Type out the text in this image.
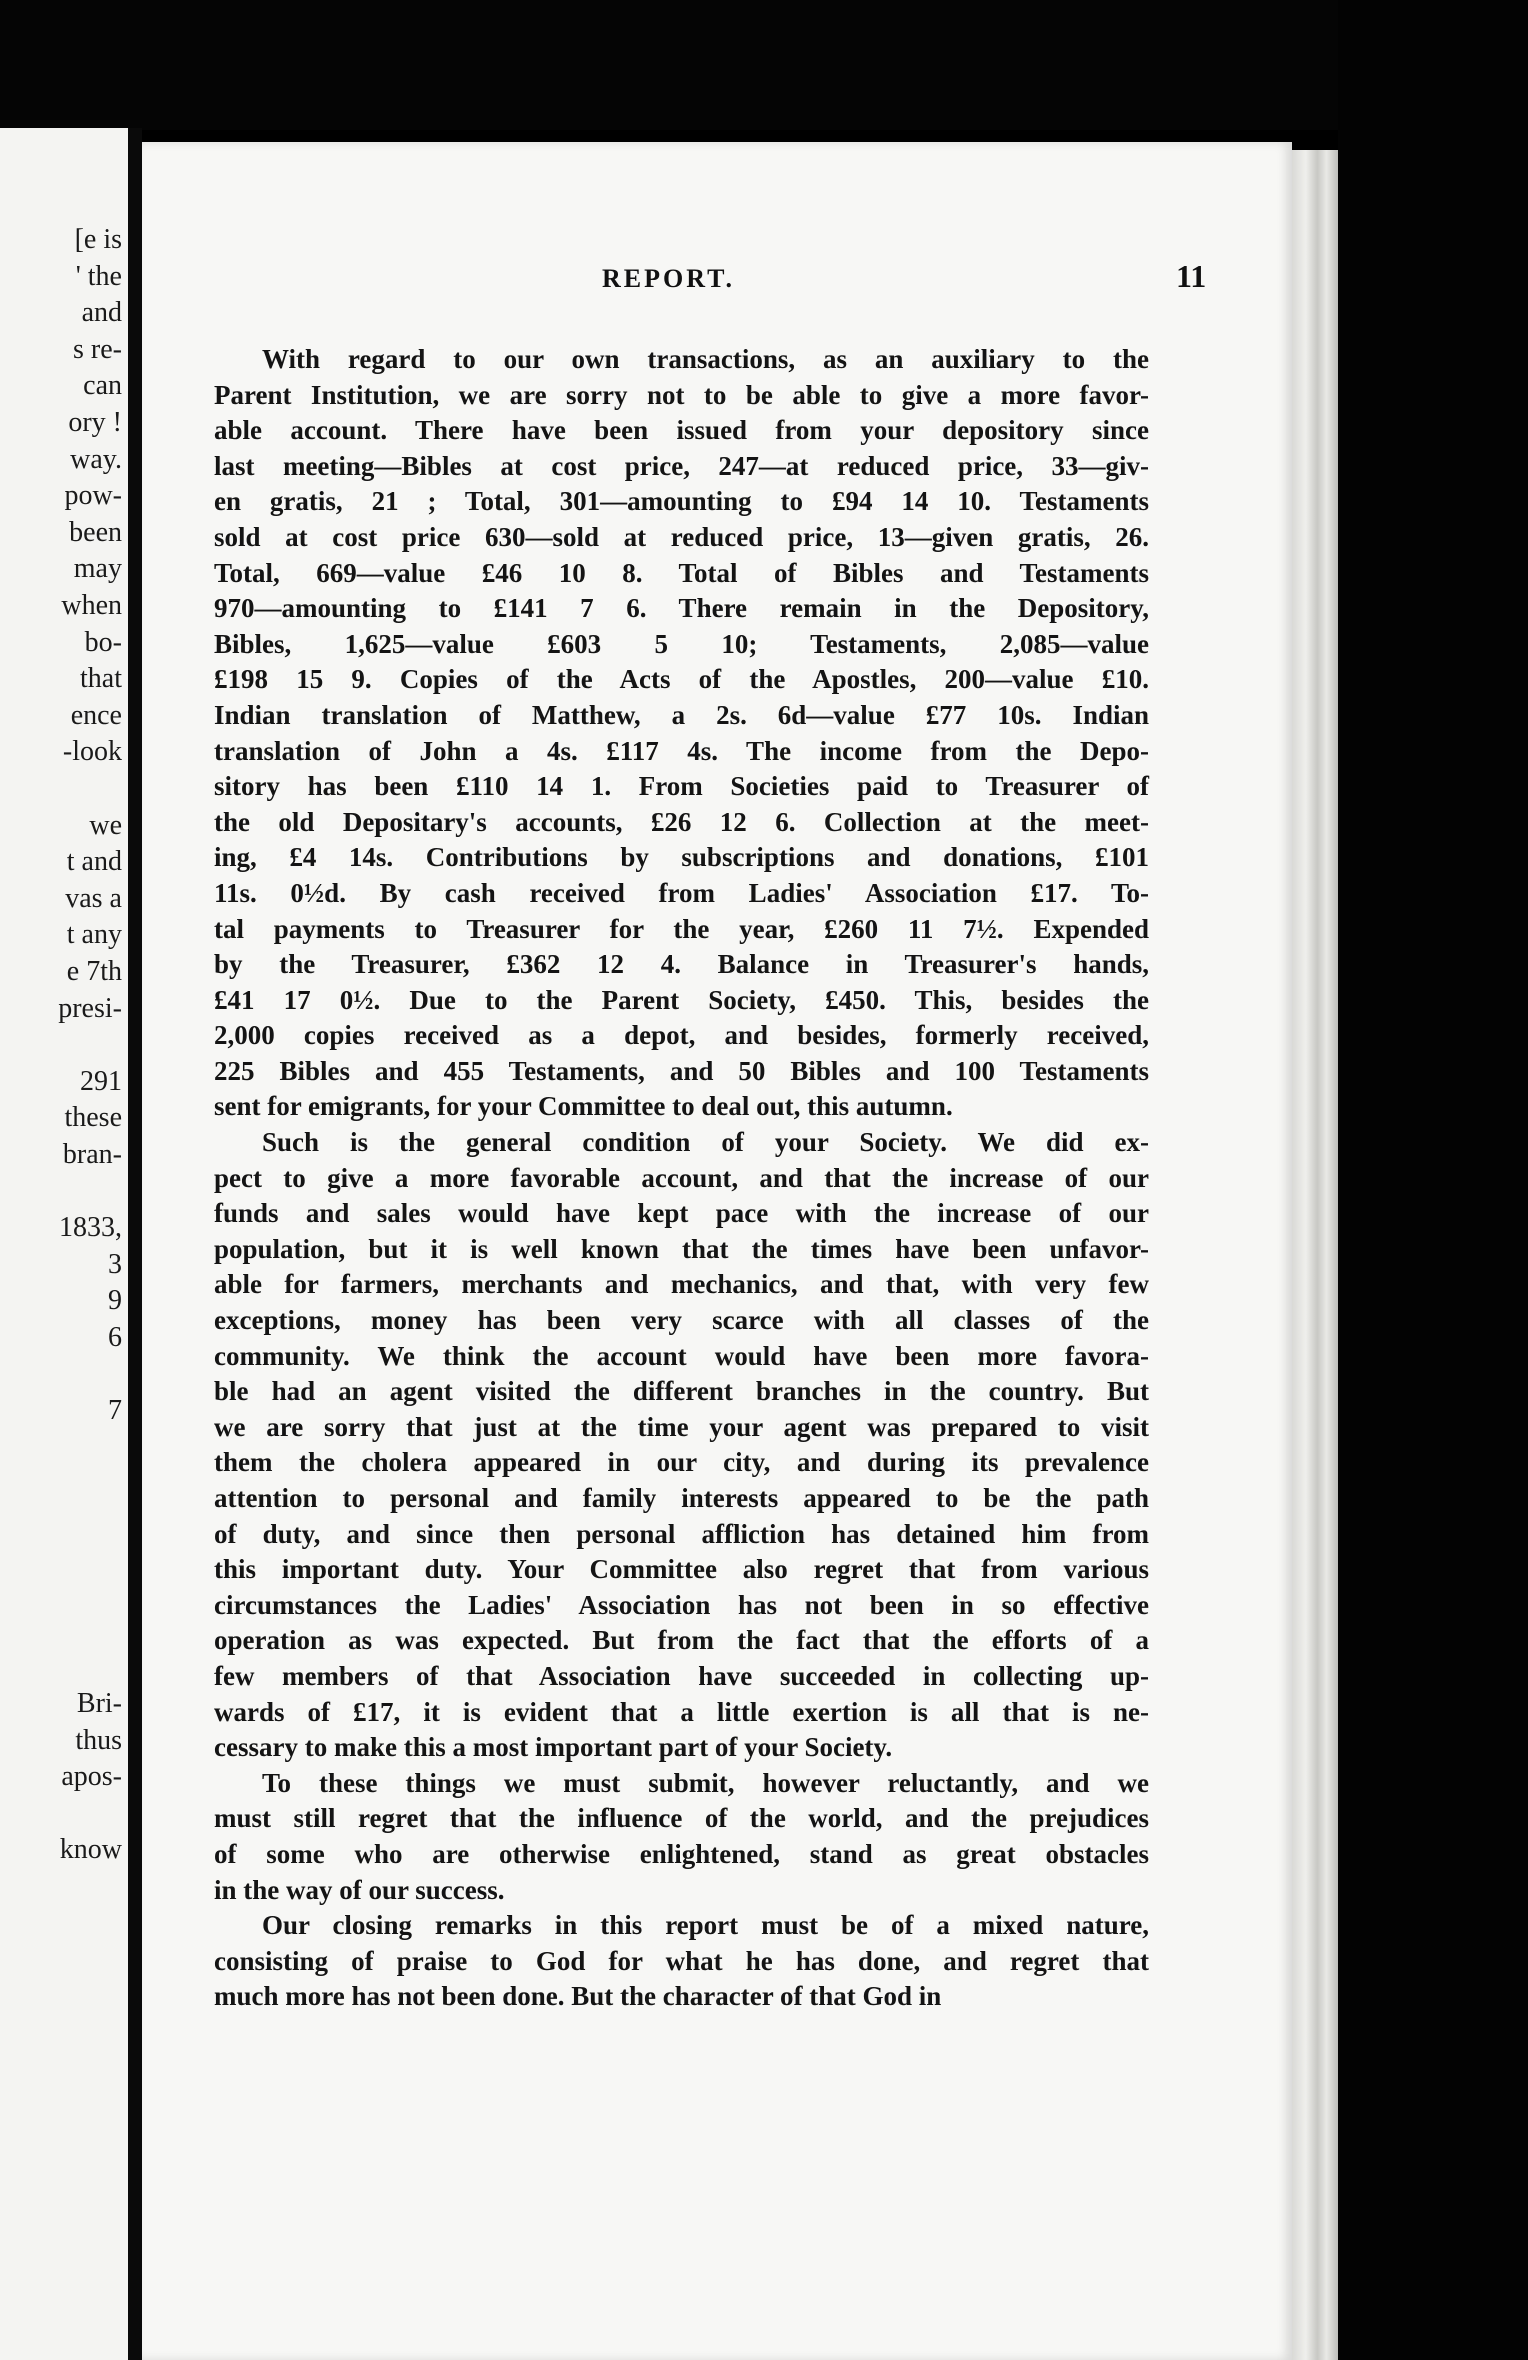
[e is
' the
and
s re-
can
ory !
way.
pow-
been
may
when
bo-
that
ence
-look
we
t and
vas a
t any
e 7th
presi-
291
these
bran-
1833,
3
9
6
7
Bri-
thus
apos-
know
REPORT.	11
With regard to our own transactions, as an auxiliary to the
Parent Institution, we are sorry not to be able to give a more favor-
able account. There have been issued from your depository since
last meeting—Bibles at cost price, 247—at reduced price, 33—giv-
en gratis, 21 ; Total, 301—amounting to £94 14 10. Testaments
sold at cost price 630—sold at reduced price, 13—given gratis, 26.
Total, 669—value £46 10 8. Total of Bibles and Testaments
970—amounting to £141 7 6. There remain in the Depository,
Bibles, 1,625—value £603 5 10; Testaments, 2,085—value
£198 15 9. Copies of the Acts of the Apostles, 200—value £10.
Indian translation of Matthew, a 2s. 6d—value £77 10s. Indian
translation of John a 4s. £117 4s. The income from the Depo-
sitory has been £110 14 1. From Societies paid to Treasurer of
the old Depositary's accounts, £26 12 6. Collection at the meet-
ing, £4 14s. Contributions by subscriptions and donations, £101
11s. 0½d. By cash received from Ladies' Association £17. To-
tal payments to Treasurer for the year, £260 11 7½. Expended
by the Treasurer, £362 12 4. Balance in Treasurer's hands,
£41 17 0½. Due to the Parent Society, £450. This, besides the
2,000 copies received as a depot, and besides, formerly received,
225 Bibles and 455 Testaments, and 50 Bibles and 100 Testaments
sent for emigrants, for your Committee to deal out, this autumn.
Such is the general condition of your Society. We did ex-
pect to give a more favorable account, and that the increase of our
funds and sales would have kept pace with the increase of our
population, but it is well known that the times have been unfavor-
able for farmers, merchants and mechanics, and that, with very few
exceptions, money has been very scarce with all classes of the
community. We think the account would have been more favora-
ble had an agent visited the different branches in the country. But
we are sorry that just at the time your agent was prepared to visit
them the cholera appeared in our city, and during its prevalence
attention to personal and family interests appeared to be the path
of duty, and since then personal affliction has detained him from
this important duty. Your Committee also regret that from various
circumstances the Ladies' Association has not been in so effective
operation as was expected. But from the fact that the efforts of a
few members of that Association have succeeded in collecting up-
wards of £17, it is evident that a little exertion is all that is ne-
cessary to make this a most important part of your Society.
To these things we must submit, however reluctantly, and we
must still regret that the influence of the world, and the prejudices
of some who are otherwise enlightened, stand as great obstacles
in the way of our success.
Our closing remarks in this report must be of a mixed nature,
consisting of praise to God for what he has done, and regret that
much more has not been done. But the character of that God in
